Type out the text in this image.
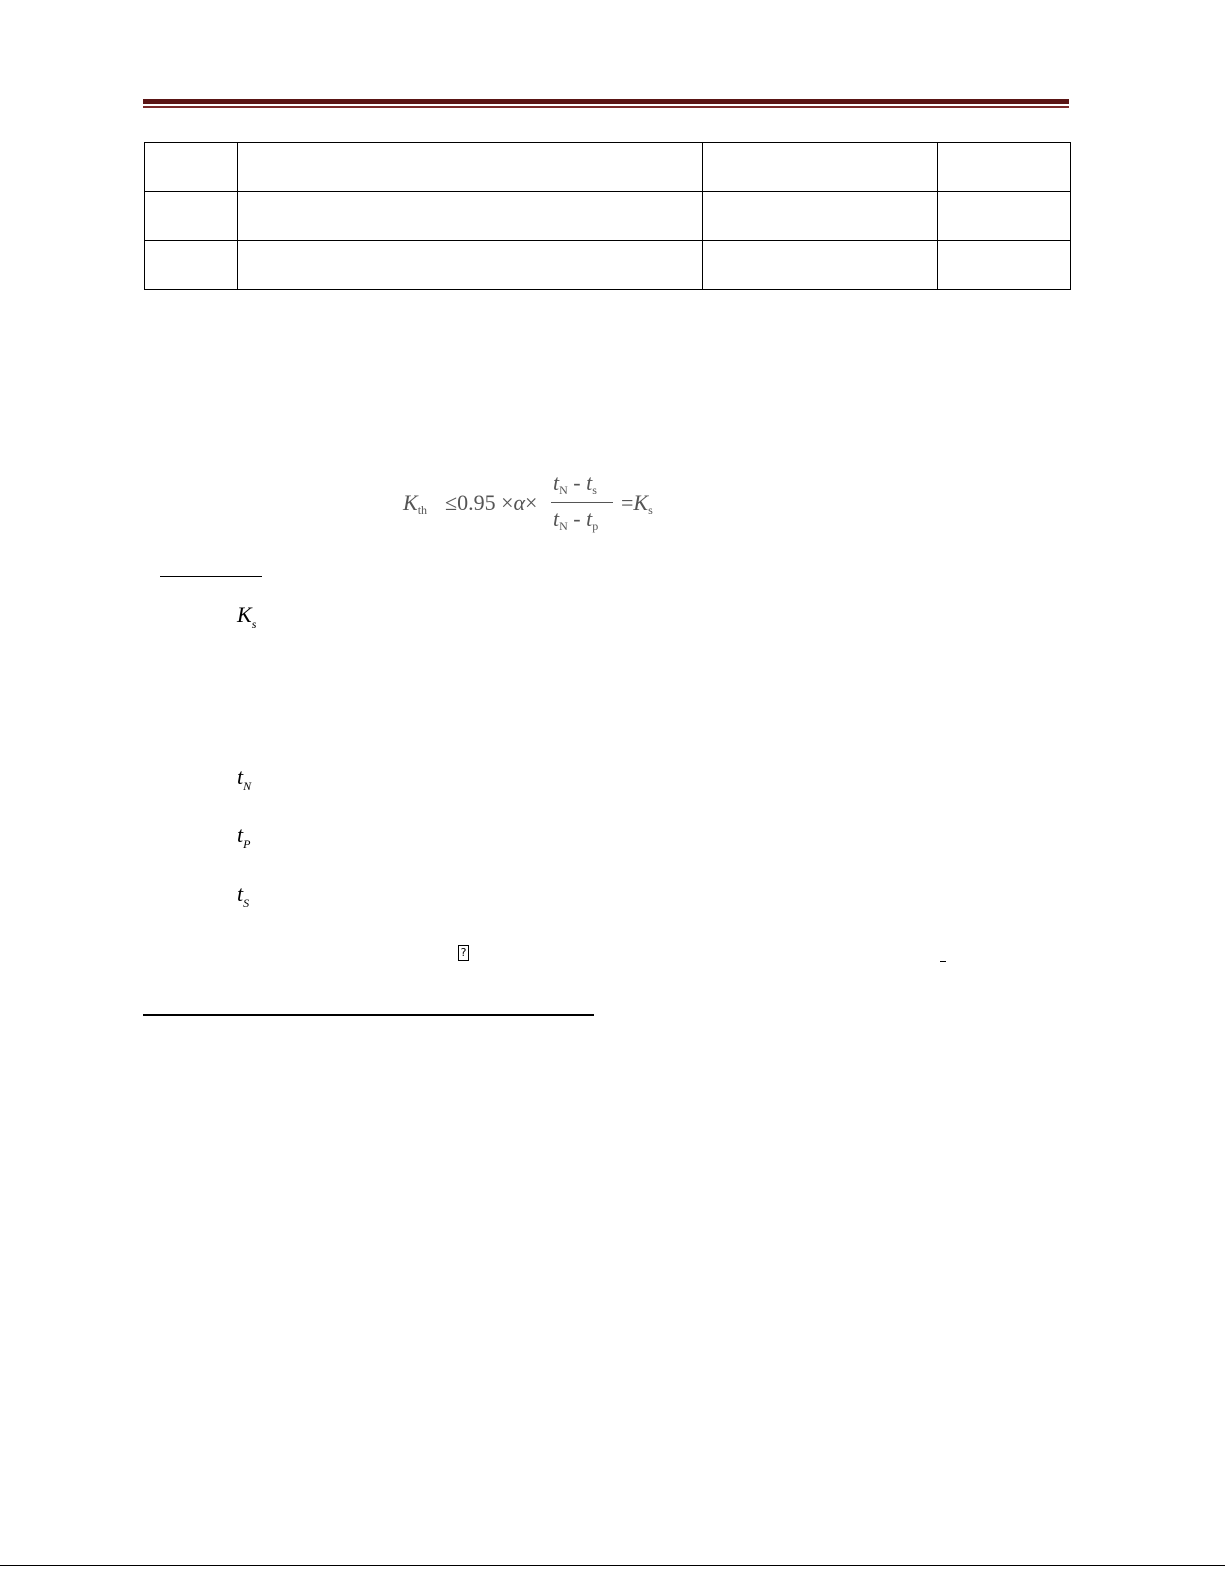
$K_{th} \le 0.95 \times\alpha\times$
$t_N - t_s$
$t_N - t_p$
$=K_s$
$K_s$
$t_N$
$t_P$
$t_S$
?
